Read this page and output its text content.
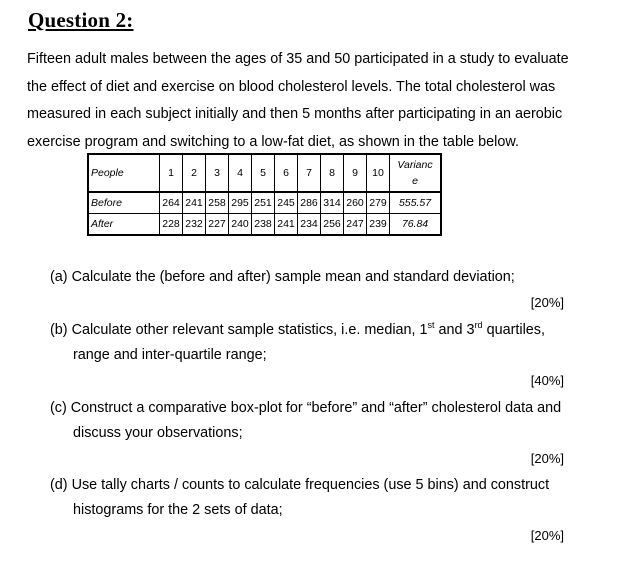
Question 2:
Fifteen adult males between the ages of 35 and 50 participated in a study to evaluate
the effect of diet and exercise on blood cholesterol levels. The total cholesterol was
measured in each subject initially and then 5 months after participating in an aerobic
exercise program and switching to a low-fat diet, as shown in the table below.
People	1	2	3	4	5	6	7	8	9	10	Varianc
e
Before	264	241	258	295	251	245	286	314	260	279	555.57
After	228	232	227	240	238	241	234	256	247	239	76.84
(a) Calculate the (before and after) sample mean and standard deviation;
[20%]
(b) Calculate other relevant sample statistics, i.e. median, 1st and 3rd quartiles,
range and inter-quartile range;
[40%]
(c) Construct a comparative box-plot for “before” and “after” cholesterol data and
discuss your observations;
[20%]
(d) Use tally charts / counts to calculate frequencies (use 5 bins) and construct
histograms for the 2 sets of data;
[20%]
